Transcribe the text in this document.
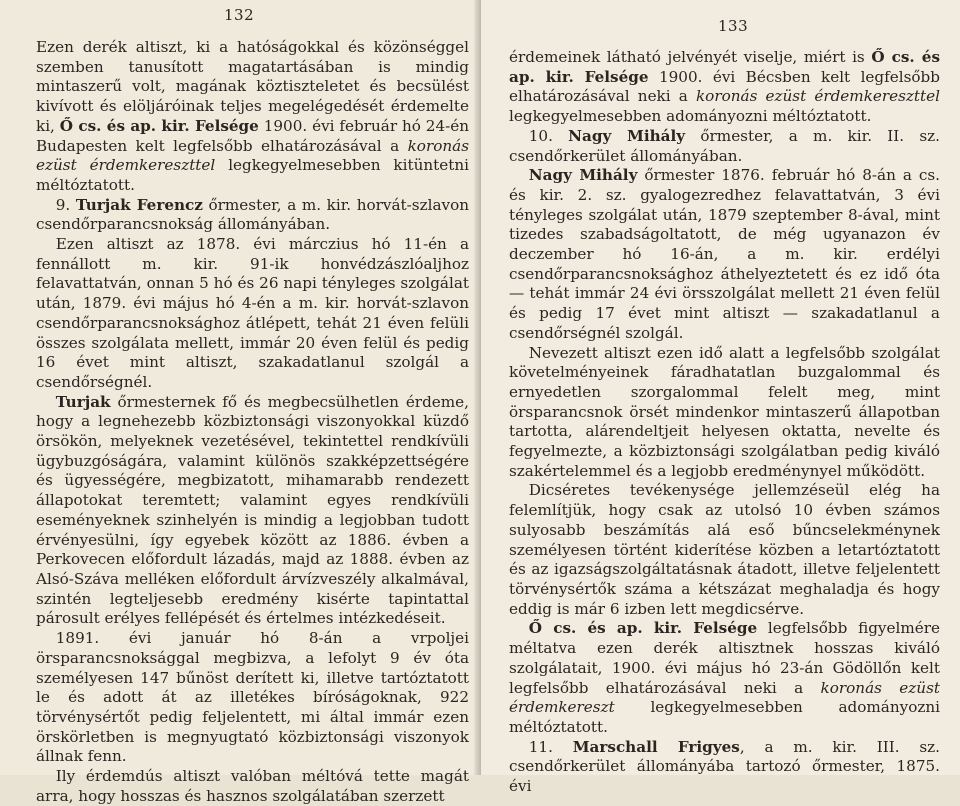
132

Ezen derék altiszt, ki a hatóságokkal és közönséggel szemben tanusított magatartásában is mindig mintaszerű volt, magának köztiszteletet és becsülést kivívott és elöljáróinak teljes megelégedését érdemelte ki, Ő cs. és ap. kir. Felsége 1900. évi február hó 24-én Budapesten kelt legfelsőbb elhatározásával a koronás ezüst érdemkereszttel legkegyelmesebben kitüntetni méltóztatott.

9. Turjak Ferencz őrmester, a m. kir. horvát-szlavon csendőrparancsnokság állományában.

Ezen altiszt az 1878. évi márczius hó 11-én a fennállott m. kir. 91-ik honvédzászlóaljhoz felavattatván, onnan 5 hó és 26 napi tényleges szolgálat után, 1879. évi május hó 4-én a m. kir. horvát-szlavon csendőrparancsnoksághoz átlépett, tehát 21 éven felüli összes szolgálata mellett, immár 20 éven felül és pedig 16 évet mint altiszt, szakadatlanul szolgál a csendőrségnél.

Turjak őrmesternek fő és megbecsülhetlen érdeme, hogy a legnehezebb közbiztonsági viszonyokkal küzdő örsökön, melyeknek vezetésével, tekintettel rendkívüli ügybuzgóságára, valamint különös szakképzettségére és ügyességére, megbizatott, mihamarabb rendezett állapotokat teremtett; valamint egyes rendkívüli eseményeknek szinhelyén is mindig a legjobban tudott érvényesülni, így egyebek között az 1886. évben a Perkovecen előfordult lázadás, majd az 1888. évben az Alsó-Száva melléken előfordult árvízveszély alkalmával, szintén legteljesebb eredmény kisérte tapintattal párosult erélyes fellépését és értelmes intézkedéseit.

1891. évi január hó 8-án a vrpoljei örsparancsnoksággal megbizva, a lefolyt 9 év óta személyesen 147 bűnöst derített ki, illetve tartóztatott le és adott át az illetékes bíróságoknak, 922 törvénysértőt pedig feljelentett, mi által immár ezen örskörletben is megnyugtató közbiztonsági viszonyok állnak fenn.

Ily érdemdús altiszt valóban méltóvá tette magát arra, hogy hosszas és hasznos szolgálatában szerzett

133

érdemeinek látható jelvényét viselje, miért is Ő cs. és ap. kir. Felsége 1900. évi Bécsben kelt legfelsőbb elhatározásával neki a koronás ezüst érdemkereszttel legkegyelmesebben adományozni méltóztatott.

10. Nagy Mihály őrmester, a m. kir. II. sz. csendőrkerület állományában.

Nagy Mihály őrmester 1876. február hó 8-án a cs. és kir. 2. sz. gyalogezredhez felavattatván, 3 évi tényleges szolgálat után, 1879 szeptember 8-ával, mint tizedes szabadságoltatott, de még ugyanazon év deczember hó 16-án, a m. kir. erdélyi csendőrparancsnoksághoz áthelyeztetett és ez idő óta — tehát immár 24 évi örsszolgálat mellett 21 éven felül és pedig 17 évet mint altiszt — szakadatlanul a csendőrségnél szolgál.

Nevezett altiszt ezen idő alatt a legfelsőbb szolgálat követelményeinek fáradhatatlan buzgalommal és ernyedetlen szorgalommal felelt meg, mint örsparancsnok örsét mindenkor mintaszerű állapotban tartotta, alárendeltjeit helyesen oktatta, nevelte és fegyelmezte, a közbiztonsági szolgálatban pedig kiváló szakértelemmel és a legjobb eredménynyel működött.

Dicséretes tevékenysége jellemzéseül elég ha felemlítjük, hogy csak az utolsó 10 évben számos sulyosabb beszámítás alá eső bűncselekménynek személyesen történt kiderítése közben a letartóztatott és az igazságszolgáltatásnak átadott, illetve feljelentett törvénysértők száma a kétszázat meghaladja és hogy eddig is már 6 izben lett megdicsérve.

Ő cs. és ap. kir. Felsége legfelsőbb figyelmére méltatva ezen derék altisztnek hosszas kiváló szolgálatait, 1900. évi május hó 23-án Gödöllőn kelt legfelsőbb elhatározásával neki a koronás ezüst érdemkereszt legkegyelmesebben adományozni méltóztatott.

11. Marschall Frigyes, a m. kir. III. sz. csendőrkerület állományába tartozó őrmester, 1875. évi
